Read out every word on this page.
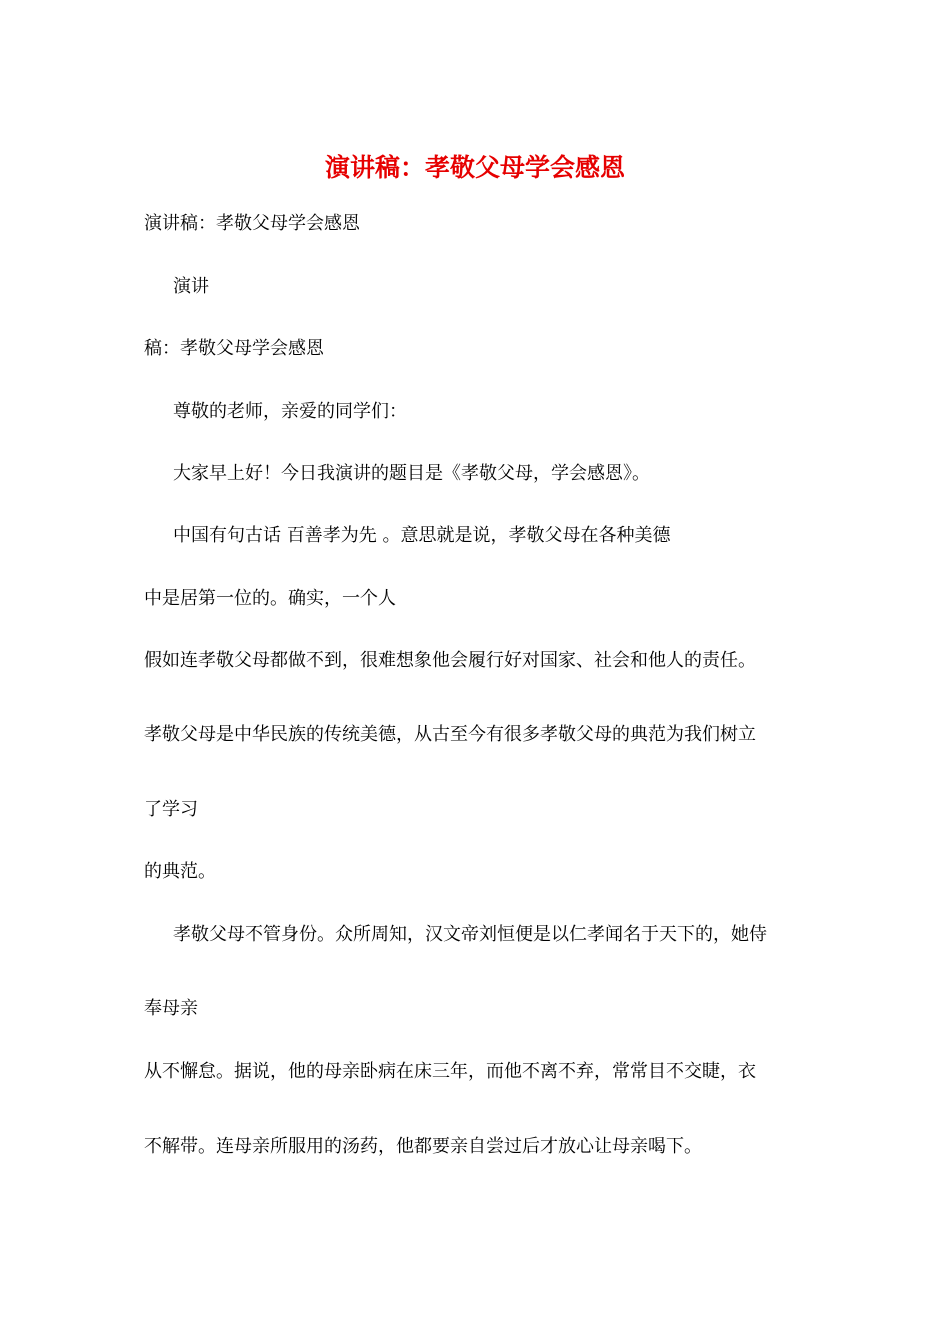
演讲稿：孝敬父母学会感恩
演讲稿：孝敬父母学会感恩
演讲
稿：孝敬父母学会感恩
尊敬的老师，亲爱的同学们：
大家早上好！今日我演讲的题目是《孝敬父母，学会感恩》。
中国有句古话 百善孝为先 。意思就是说，孝敬父母在各种美德
中是居第一位的。确实，一个人
假如连孝敬父母都做不到，很难想象他会履行好对国家、社会和他人的责任。
孝敬父母是中华民族的传统美德，从古至今有很多孝敬父母的典范为我们树立
了学习
的典范。
孝敬父母不管身份。众所周知，汉文帝刘恒便是以仁孝闻名于天下的，她侍
奉母亲
从不懈怠。据说，他的母亲卧病在床三年，而他不离不弃，常常目不交睫，衣
不解带。连母亲所服用的汤药，他都要亲自尝过后才放心让母亲喝下。
